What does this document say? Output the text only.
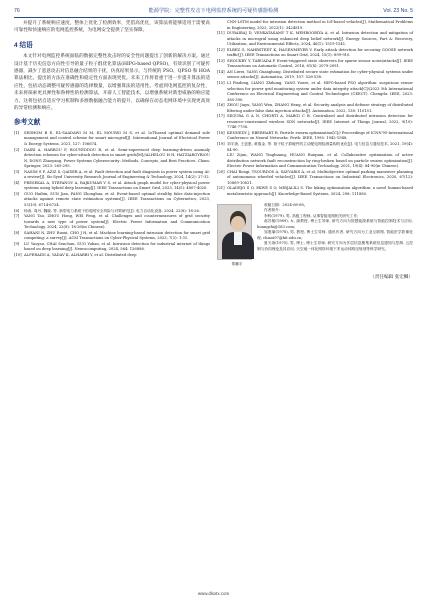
76	能源学院：完整性攻击下电网监控系统的可疑传感器检测	Vol. 23 No. 5

并提升了系统响应速度，整体上优化了检测效率，凭借高优化，该算法将能够适用于需要高可靠性和快速响应的电网监控系统，为电网安全提供了坚实保障。

4 结语

本文针对电网监控系统面临的数据完整性攻击时的安全性问题提出了创新的解决方案。通过设计基于历史信息方向性引导的量子粒子群优化算法(HIPG-based QPSO)，有效识别了可疑传感器，减少了恶意攻击对信息融合结果的干扰，仿真结果显示，与传统的 PSO、QPSO 和 HOA 算法相比，提出的方法在准确性和稳定性方面表现更优。未来工作将着重于进一步提升算法的适应性，包括动态调整可疑传感器的选择数量，以增强算法的适用性。考虑到电网监控的复杂性，未来将探索更具弹性和鲁棒性的检测算法，开辟人工智能技术，以增强系统对新型威胁的响应能力。这将包括自适应学习机制和多源数据融合能力的提升，以确保在动态电网环境中实现更高效的异常检测和响应。

参考文献
[1]	SEDHOM B E, EL-SAADAWI M M, EL MOURSI M S, et al. IoT-based optimal demand side management and control scheme for smart microgrid[J]. International Journal of Electrical Power & Energy Systems, 2021, 127: 106674.
[2]	DAIRI A, HARROU F, BOUYEDDOU B, et al. Semi-supervised deep learning-driven anomaly detection schemes for cyber-attack detection in smart grids[M]//ALHELOU H H, HATZIARGYRIOU N, DONG Zhaoyang. Power Systems Cybersecurity: Methods, Concepts, and Best Practices. Cham: Springer, 2023: 265-295.
[3]	NASIM S F, AZIZ S, QAISER A, et al. Fault detection and fault diagnosis in power system using AI: a review[J]. Sir Syed University Research Journal of Engineering & Technology, 2024, 14(2): 27-32.
[4]	PRESEKAL A, STEFANOV A, RAJKUMAR V S, et al. Attack graph model for cyber-physical power systems using hybrid deep learning[J]. IEEE Transactions on Smart Grid, 2023, 14(5): 4007-4020.
[5]	GUO Haibin, SUN Jian, PANG Zhonghua, et al. Event-based optimal stealthy false data-injection attacks against remote state estimation systems[J]. IEEE Transactions on Cybernetics, 2023, 53(10): 6714-6724.
[6]	杨涛, 周丹, 魏晓, 等. 新型电力系统下的电网安全风险与对策研究[J]. 电力自动化设备, 2024, 22(8): 18-26.
[7]	YANG Tao, ZHOU Hong, WEI Feng, et al. Challenges and countermeasures of grid security towards a new type of power system[J]. Electric Power Information and Communication Technology, 2024, 22(8): 18-26(in Chinese).
[8]	SAHANI N, ZHU Ruoxi, CHO J H, et al. Machine learning-based intrusion detection for smart grid computing: a survey[J]. ACM Transactions on Cyber-Physical Systems, 2023, 7(2): 1-31.
[9]	LU Yaoyao, CHAI Senchun, SUO Yuhan, et al. Intrusion detection for industrial internet of things based on deep learning[J]. Neurocomputing, 2024, 564: 126886.
[10] ALFERAIDI A, YADAV K, ALHARBI Y, et al. Distributed deep
CNN-LSTM model for intrusion detection method in IoT-based vehicles[J]. Mathematical Problems in Engineering, 2022, 2022(1): 3424819.
[11] DURAIRAJ D, VENKATASAMY T K, MEHBOOBIYA A, et al. Intrusion detection and mitigation of attacks in microgrid using enhanced deep belief network[J]. Energy Sources, Part A: Recovery, Utilization, and Environmental Effects, 2024, 46(1): 1519-1541.
[12] ELBEZ G, NAHRSTEDT K, HAGENMEYER V. Early attack detection for securing GOOSE network traffic[J]. IEEE Transactions on Smart Grid, 2024, 15(1): 899-910.
[13] SHOUKRY Y, TABUADA P. Event-triggered state observers for sparse sensor noise/attacks[J]. IEEE Transactions on Automatic Control, 2016, 61(8): 2079-2091.
[14] AN Liwei, YANG Guanghong. Distributed secure state estimation for cyber-physical systems under sensor attacks[J]. Automatica, 2019, 107: 526-538.
[15] LI Pindong, LIANG Zhihong, YANG Yuwei, et al. HIPG-based PSO algorithm: suspicious sensor selection for power grid monitoring system under data integrity attack[C]//2023 5th International Conference on Electrical Engineering and Control Technologies (CEECT). Chengdu: IEEE, 2023: 385-390.
[16] ZHOU Jiayu, YANG Wen, ZHANG Heng, et al. Security analysis and defense strategy of distributed filtering under false data injection attacks[J]. Automatica, 2022, 138: 110151.
[17] SEGURA G A N, CHORTI A, MARGI C B. Centralized and distributed intrusion detection for resource-constrained wireless SDN networks[J]. IEEE Internet of Things Journal, 2022, 9(10): 7746-7758.
[18] KENNEDY J, EBERHART R. Particle swarm optimization[C]// Proceedings of ICNN'95-International Conference on Neural Networks. Perth: IEEE, 1995: 1942-1948.
[19] 刘宇唐, 王廷惠, 黄瑞金, 等. 基于粒子群硬件的主动配电网检测量构的优化[J]. 电力信息与通信技术, 2021, 19(4): 84-90.
LIU Zijun, WANG Tinghuang, HUANG Ruiquan, et al. Collaborative optimization of active distribution network fault reconstruction by ring-broken based on particle swarm optimization[J]. Electric Power Information and Communication Technology, 2021, 19(4): 84-90(in Chinese).
[20] CHAI Rongi, TSOURDOS A, SAVVARIS A, et al. Multiobjective optimal parking maneuver planning of autonomous wheeled vehicles[J]. IEEE Transactions on Industrial Electronics, 2020, 67(12): 10809-10821.
[21] OLADEJO S O, EKWE S O, MIRJALILI S. The hiking optimization algorithm: a novel human-based metaheuristic approach[J]. Knowledge-Based Systems, 2024, 296: 111880.
郑鹏宇

收稿日期：2024-08-08。

作者简介：

李科(1979), 男, 高级工程师, 从事智能电网相关研究工作;

郝苏敏(1989), 女, 副教授, 博士生导师, 研究方向为智慧能源系统与智能控制技术与应用, huangshi@163.com;

邹惠瑜(1978), 男, 教授, 博士生导师, 通讯作者, 研究方向为工业互联网, 智能医学影像处理, chiaoi97@hit.edu.cn;

夏天涛(1975), 男, 博士, 博士生导师, 研究方向为多层信息聚集系统信息感知与控制, 云控制与协同理论及其应用, 天空地一体化网络环境下多运动体路径规划等科学研究。

（责任编辑 张宏鲫）
www.dlxxtx.com
